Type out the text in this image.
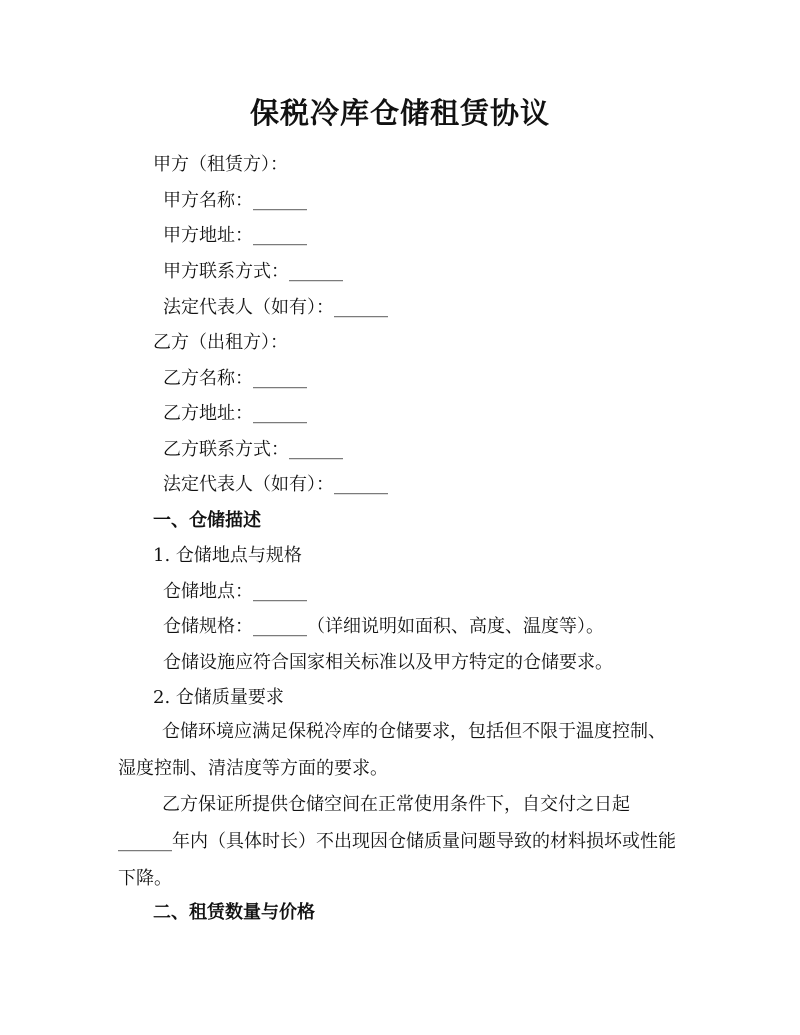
保税冷库仓储租赁协议
甲方（租赁方）：
甲方名称：______
甲方地址：______
甲方联系方式：______
法定代表人（如有）：______
乙方（出租方）：
乙方名称：______
乙方地址：______
乙方联系方式：______
法定代表人（如有）：______
一、仓储描述
1. 仓储地点与规格
仓储地点：______
仓储规格：______（详细说明如面积、高度、温度等）。
仓储设施应符合国家相关标准以及甲方特定的仓储要求。
2. 仓储质量要求
仓储环境应满足保税冷库的仓储要求，包括但不限于温度控制、湿度控制、清洁度等方面的要求。
乙方保证所提供仓储空间在正常使用条件下，自交付之日起______年内（具体时长）不出现因仓储质量问题导致的材料损坏或性能下降。
二、租赁数量与价格
